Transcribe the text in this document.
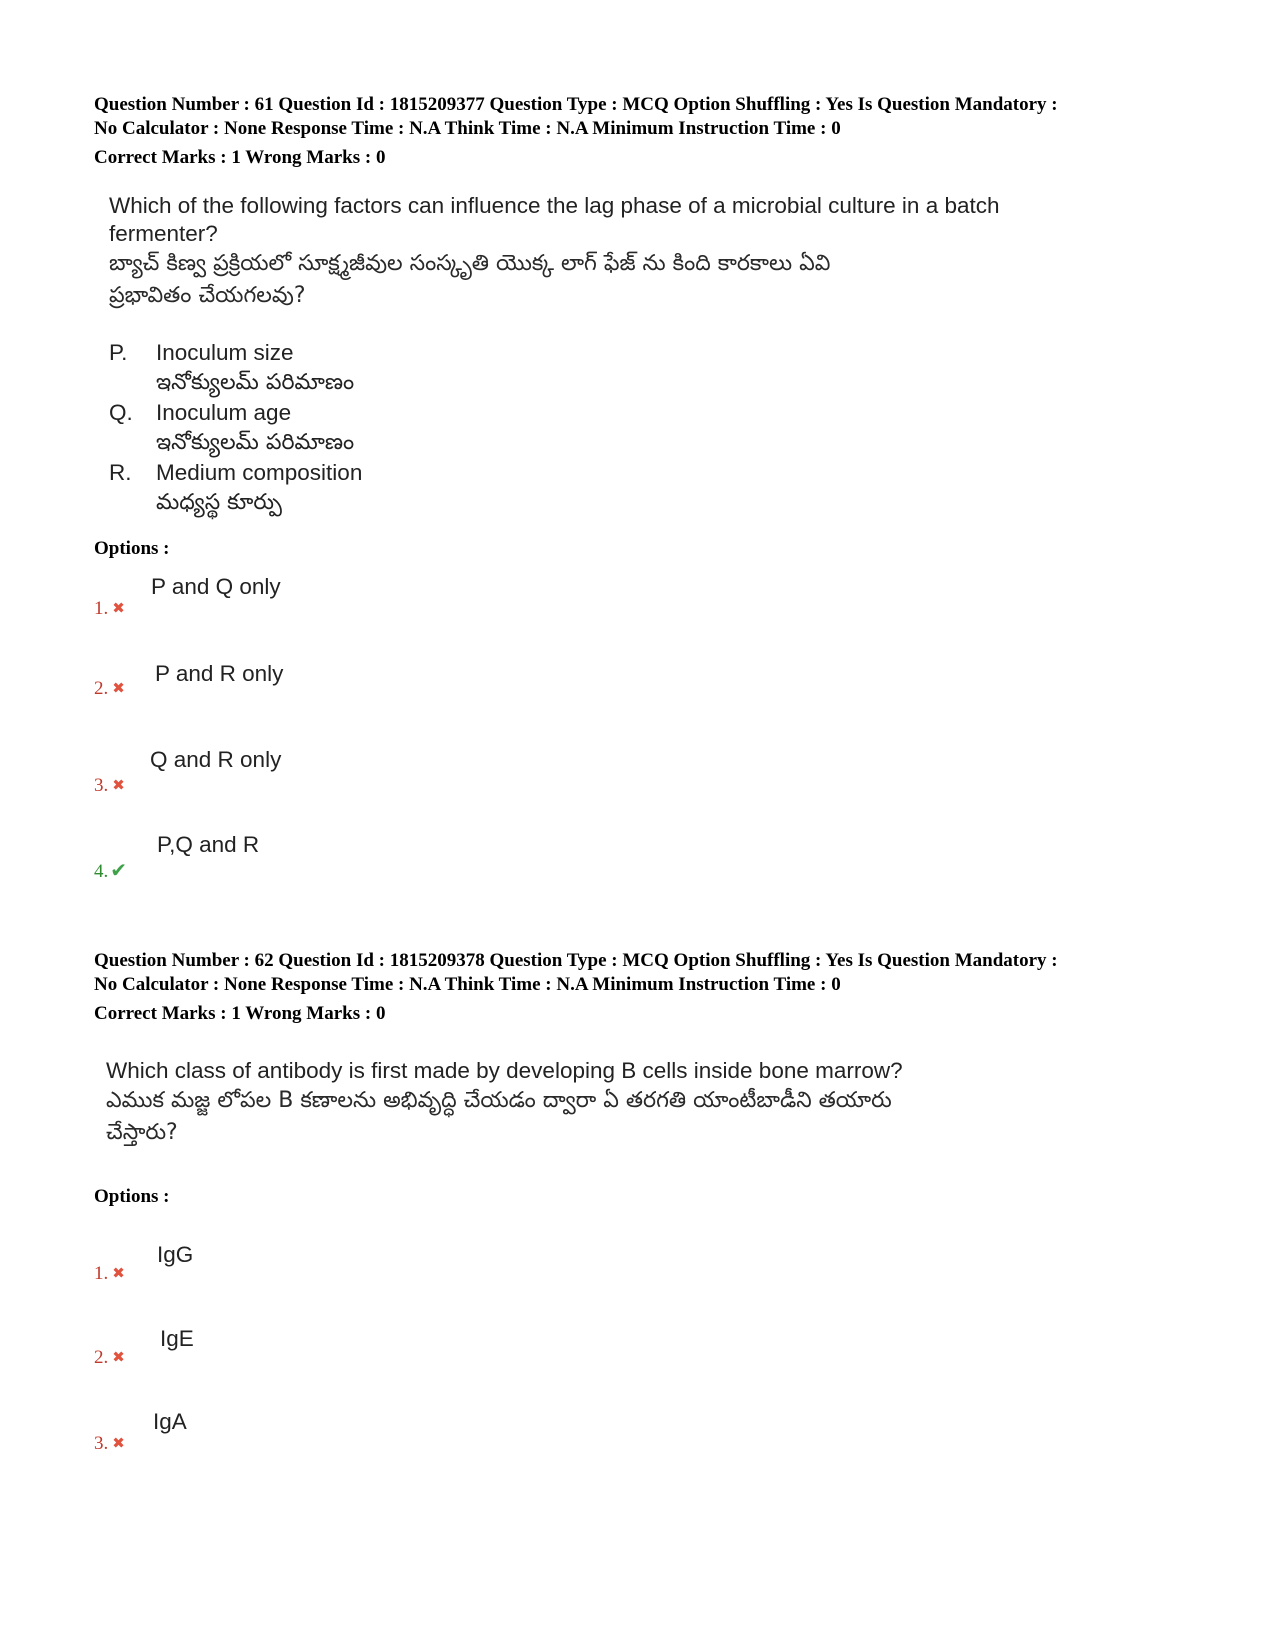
Question Number : 61 Question Id : 1815209377 Question Type : MCQ Option Shuffling : Yes Is Question Mandatory :
No Calculator : None Response Time : N.A Think Time : N.A Minimum Instruction Time : 0
Correct Marks : 1 Wrong Marks : 0
Which of the following factors can influence the lag phase of a microbial culture in a batch
fermenter?
బ్యాచ్ కిణ్వ ప్రక్రియలో సూక్ష్మజీవుల సంస్కృతి యొక్క లాగ్ ఫేజ్ ను కింది కారకాలు ఏవి
ప్రభావితం చేయగలవు?
P.	Inoculum size
ఇనోక్యులమ్ పరిమాణం
Q.	Inoculum age
ఇనోక్యులమ్ పరిమాణం
R.	Medium composition
మధ్యస్థ కూర్పు
Options :
P and Q only
1. ✖
P and R only
2. ✖
Q and R only
3. ✖
P,Q and R
4. ✔
Question Number : 62 Question Id : 1815209378 Question Type : MCQ Option Shuffling : Yes Is Question Mandatory :
No Calculator : None Response Time : N.A Think Time : N.A Minimum Instruction Time : 0
Correct Marks : 1 Wrong Marks : 0
Which class of antibody is first made by developing B cells inside bone marrow?
ఎముక మజ్జ లోపల B కణాలను అభివృద్ధి చేయడం ద్వారా ఏ తరగతి యాంటీబాడీని తయారు
చేస్తారు?
Options :
IgG
1. ✖
IgE
2. ✖
IgA
3. ✖
